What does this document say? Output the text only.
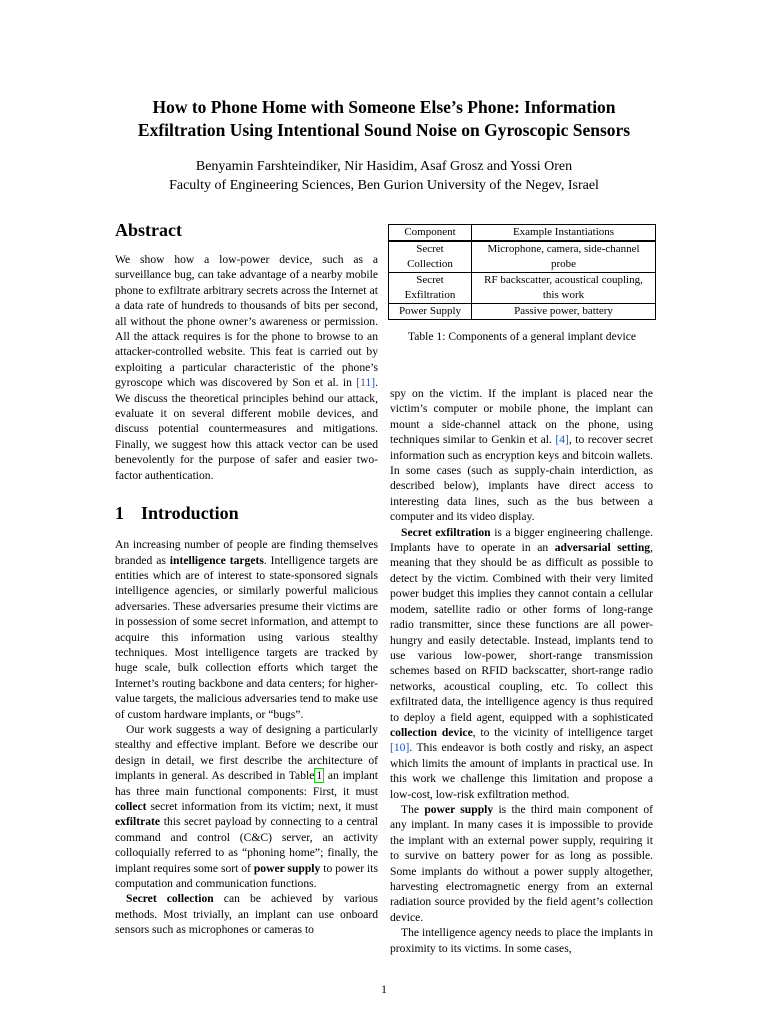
How to Phone Home with Someone Else’s Phone: Information
Exfiltration Using Intentional Sound Noise on Gyroscopic Sensors
Benyamin Farshteindiker, Nir Hasidim, Asaf Grosz and Yossi Oren
Faculty of Engineering Sciences, Ben Gurion University of the Negev, Israel
Abstract

We show how a low-power device, such as a surveillance bug, can take advantage of a nearby mobile phone to exfiltrate arbitrary secrets across the Internet at a data rate of hundreds to thousands of bits per second, all without the phone owner’s awareness or permission. All the attack requires is for the phone to browse to an attacker-controlled website. This feat is carried out by exploiting a particular characteristic of the phone’s gyroscope which was discovered by Son et al. in [11]. We discuss the theoretical principles behind our attack, evaluate it on several different mobile devices, and discuss potential countermeasures and mitigations. Finally, we suggest how this attack vector can be used benevolently for the purpose of safer and easier two-factor authentication.

1 Introduction

An increasing number of people are finding themselves branded as intelligence targets. Intelligence targets are entities which are of interest to state-sponsored signals intelligence agencies, or similarly powerful malicious adversaries. These adversaries presume their victims are in possession of some secret information, and attempt to acquire this information using various stealthy techniques. Most intelligence targets are tracked by huge scale, bulk collection efforts which target the Internet’s routing backbone and data centers; for higher-value targets, the malicious adversaries tend to make use of custom hardware implants, or “bugs”.

Our work suggests a way of designing a particularly stealthy and effective implant. Before we describe our design in detail, we first describe the architecture of implants in general. As described in Table 1 an implant has three main functional components: First, it must collect secret information from its victim; next, it must exfiltrate this secret payload by connecting to a central command and control (C&C) server, an activity colloquially referred to as “phoning home”; finally, the implant requires some sort of power supply to power its computation and communication functions.

Secret collection can be achieved by various methods. Most trivially, an implant can use onboard sensors such as microphones or cameras to

Component	Example Instantiations
Secret Collection	Microphone, camera, side-channel probe
Secret Exfiltration	RF backscatter, acoustical coupling, this work
Power Supply	Passive power, battery
Table 1: Components of a general implant device

spy on the victim. If the implant is placed near the victim’s computer or mobile phone, the implant can mount a side-channel attack on the phone, using techniques similar to Genkin et al. [4], to recover secret information such as encryption keys and bitcoin wallets. In some cases (such as supply-chain interdiction, as described below), implants have direct access to interesting data lines, such as the bus between a computer and its video display.

Secret exfiltration is a bigger engineering challenge. Implants have to operate in an adversarial setting, meaning that they should be as difficult as possible to detect by the victim. Combined with their very limited power budget this implies they cannot contain a cellular modem, satellite radio or other forms of long-range radio transmitter, since these functions are all power-hungry and easily detectable. Instead, implants tend to use various low-power, short-range transmission schemes based on RFID backscatter, short-range radio networks, acoustical coupling, etc. To collect this exfiltrated data, the intelligence agency is thus required to deploy a field agent, equipped with a sophisticated collection device, to the vicinity of intelligence target [10]. This endeavor is both costly and risky, an aspect which limits the amount of implants in practical use. In this work we challenge this limitation and propose a low-cost, low-risk exfiltration method.

The power supply is the third main component of any implant. In many cases it is impossible to provide the implant with an external power supply, requiring it to survive on battery power for as long as possible. Some implants do without a power supply altogether, harvesting electromagnetic energy from an external radiation source provided by the field agent’s collection device.

The intelligence agency needs to place the implants in proximity to its victims. In some cases,

1
